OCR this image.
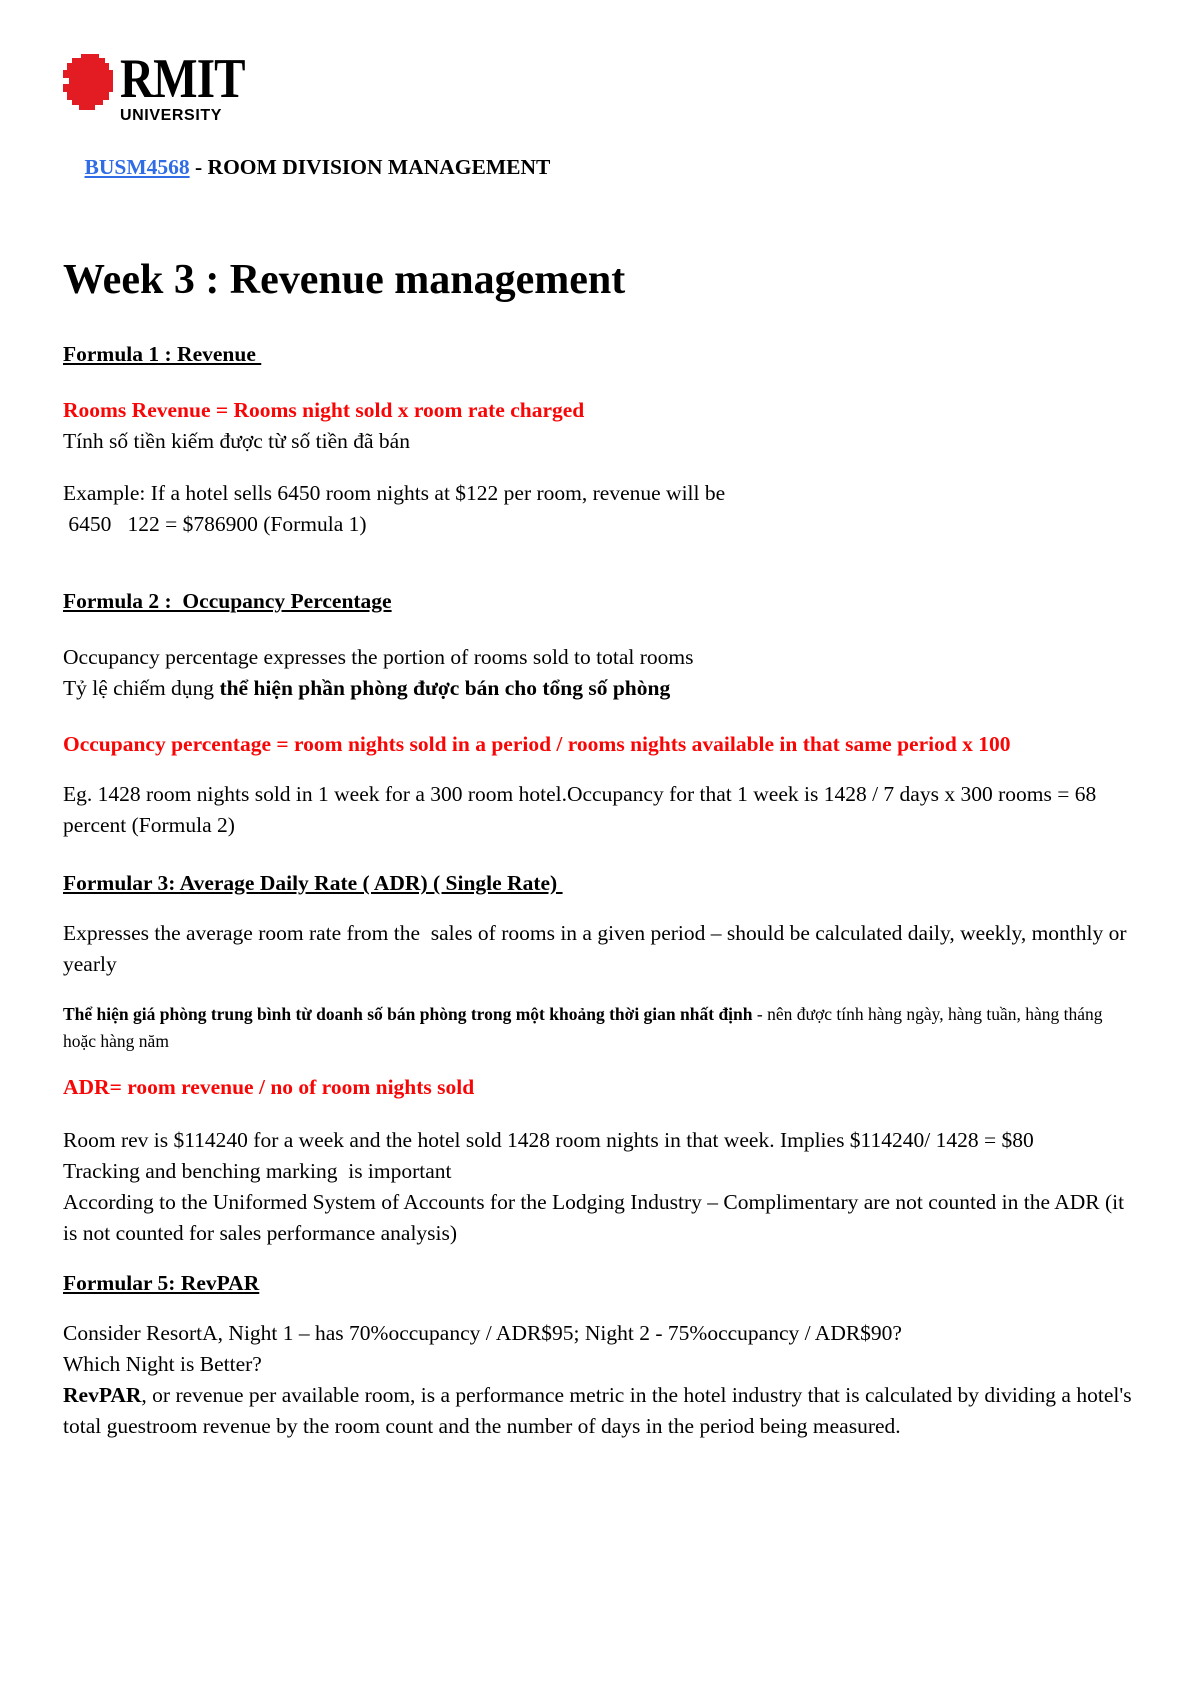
RMIT
UNIVERSITY

BUSM4568 - ROOM DIVISION MANAGEMENT

Week 3 : Revenue management
Formula 1 : Revenue
Rooms Revenue = Rooms night sold x room rate charged
Tính số tiền kiếm được từ số tiền đã bán
Example: If a hotel sells 6450 room nights at $122 per room, revenue will be
6450   122 = $786900 (Formula 1)
Formula 2 :  Occupancy Percentage
Occupancy percentage expresses the portion of rooms sold to total rooms
Tỷ lệ chiếm dụng thể hiện phần phòng được bán cho tổng số phòng
Occupancy percentage = room nights sold in a period / rooms nights available in that same period x 100
Eg. 1428 room nights sold in 1 week for a 300 room hotel.Occupancy for that 1 week is 1428 / 7 days x 300 rooms = 68 percent (Formula 2)
Formular 3: Average Daily Rate ( ADR) ( Single Rate)
Expresses the average room rate from the  sales of rooms in a given period – should be calculated daily, weekly, monthly or yearly
Thể hiện giá phòng trung bình từ doanh số bán phòng trong một khoảng thời gian nhất định - nên được tính hàng ngày, hàng tuần, hàng tháng hoặc hàng năm
ADR= room revenue / no of room nights sold
Room rev is $114240 for a week and the hotel sold 1428 room nights in that week. Implies $114240/ 1428 = $80
Tracking and benching marking  is important
According to the Uniformed System of Accounts for the Lodging Industry – Complimentary are not counted in the ADR (it is not counted for sales performance analysis)
Formular 5: RevPAR
Consider ResortA, Night 1 – has 70%occupancy / ADR$95; Night 2 - 75%occupancy / ADR$90?
Which Night is Better?
RevPAR, or revenue per available room, is a performance metric in the hotel industry that is calculated by dividing a hotel's total guestroom revenue by the room count and the number of days in the period being measured.
